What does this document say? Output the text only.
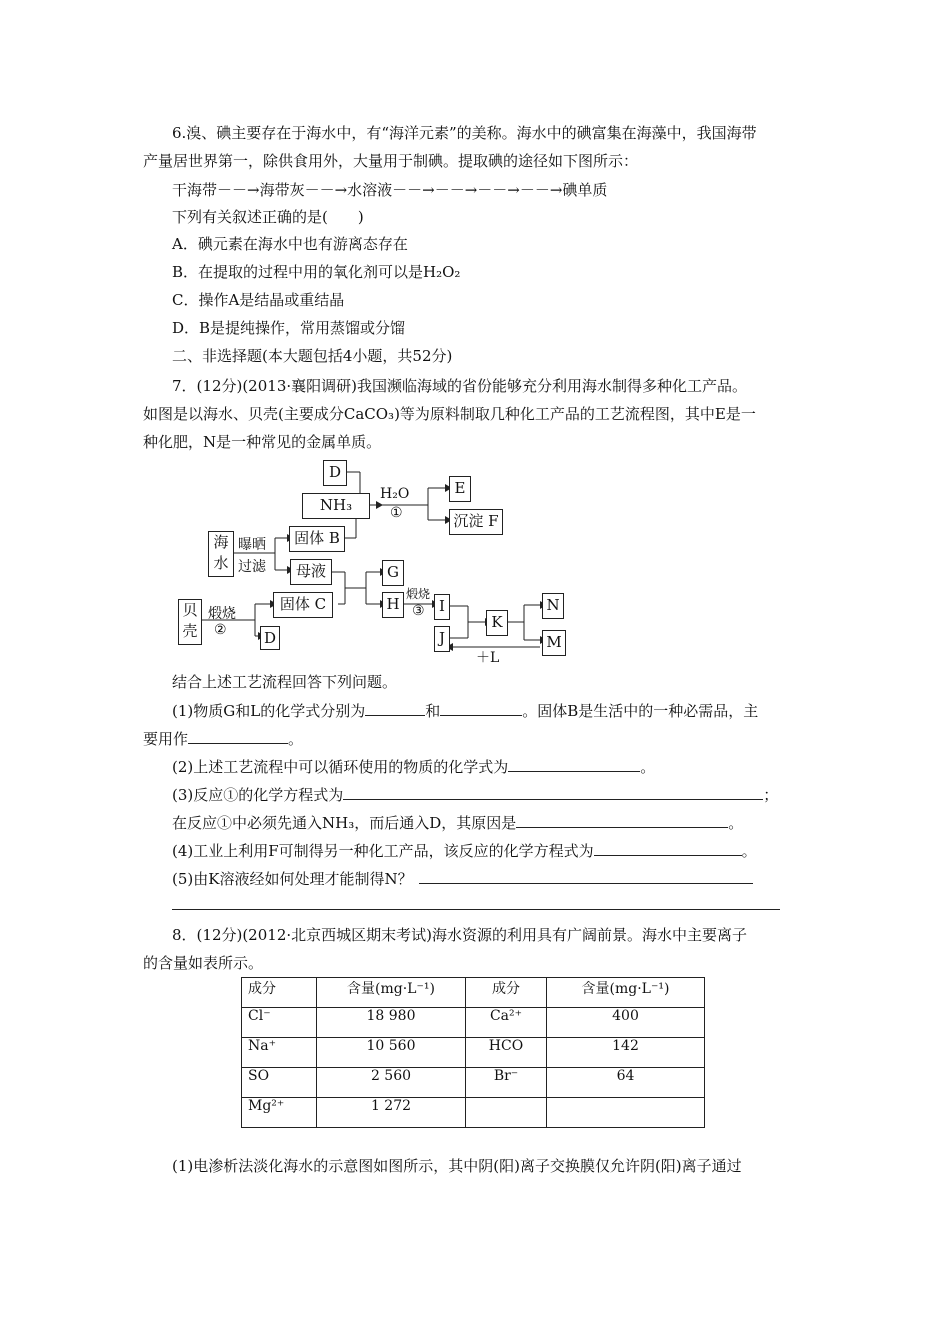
6.溴、碘主要存在于海水中，有“海洋元素”的美称。海水中的碘富集在海藻中，我国海带
产量居世界第一，除供食用外，大量用于制碘。提取碘的途径如下图所示：
干海带－－→海带灰－－→水溶液－－→－－→－－→－－→碘单质
下列有关叙述正确的是(　　)
A．碘元素在海水中也有游离态存在
B．在提取的过程中用的氧化剂可以是H₂O₂
C．操作A是结晶或重结晶
D．B是提纯操作，常用蒸馏或分馏
二、非选择题(本大题包括4小题，共52分)
7．(12分)(2013·襄阳调研)我国濒临海域的省份能够充分利用海水制得多种化工产品。
如图是以海水、贝壳(主要成分CaCO₃)等为原料制取几种化工产品的工艺流程图，其中E是一
种化肥，N是一种常见的金属单质。
D
NH₃
H₂O
①
E
沉淀 F
海水
曝晒
过滤
固体 B
母液	G
H
煅烧
③ I
J
K
N
M
＋L
贝壳
煅烧
②
固体 C
D
结合上述工艺流程回答下列问题。
(1)物质G和L的化学式分别为	和	。固体B是生活中的一种必需品，主
要用作	。
(2)上述工艺流程中可以循环使用的物质的化学式为	。
(3)反应①的化学方程式为	；
在反应①中必须先通入NH₃，而后通入D，其原因是	。
(4)工业上利用F可制得另一种化工产品，该反应的化学方程式为	。
(5)由K溶液经如何处理才能制得N？
8．(12分)(2012·北京西城区期末考试)海水资源的利用具有广阔前景。海水中主要离子
的含量如表所示。
成分	含量(mg·L⁻¹)	成分	含量(mg·L⁻¹)
Cl⁻	18 980	Ca²⁺	400
Na⁺	10 560	HCO	142
SO	2 560	Br⁻	64
Mg²⁺	1 272		
(1)电渗析法淡化海水的示意图如图所示，其中阴(阳)离子交换膜仅允许阴(阳)离子通过
